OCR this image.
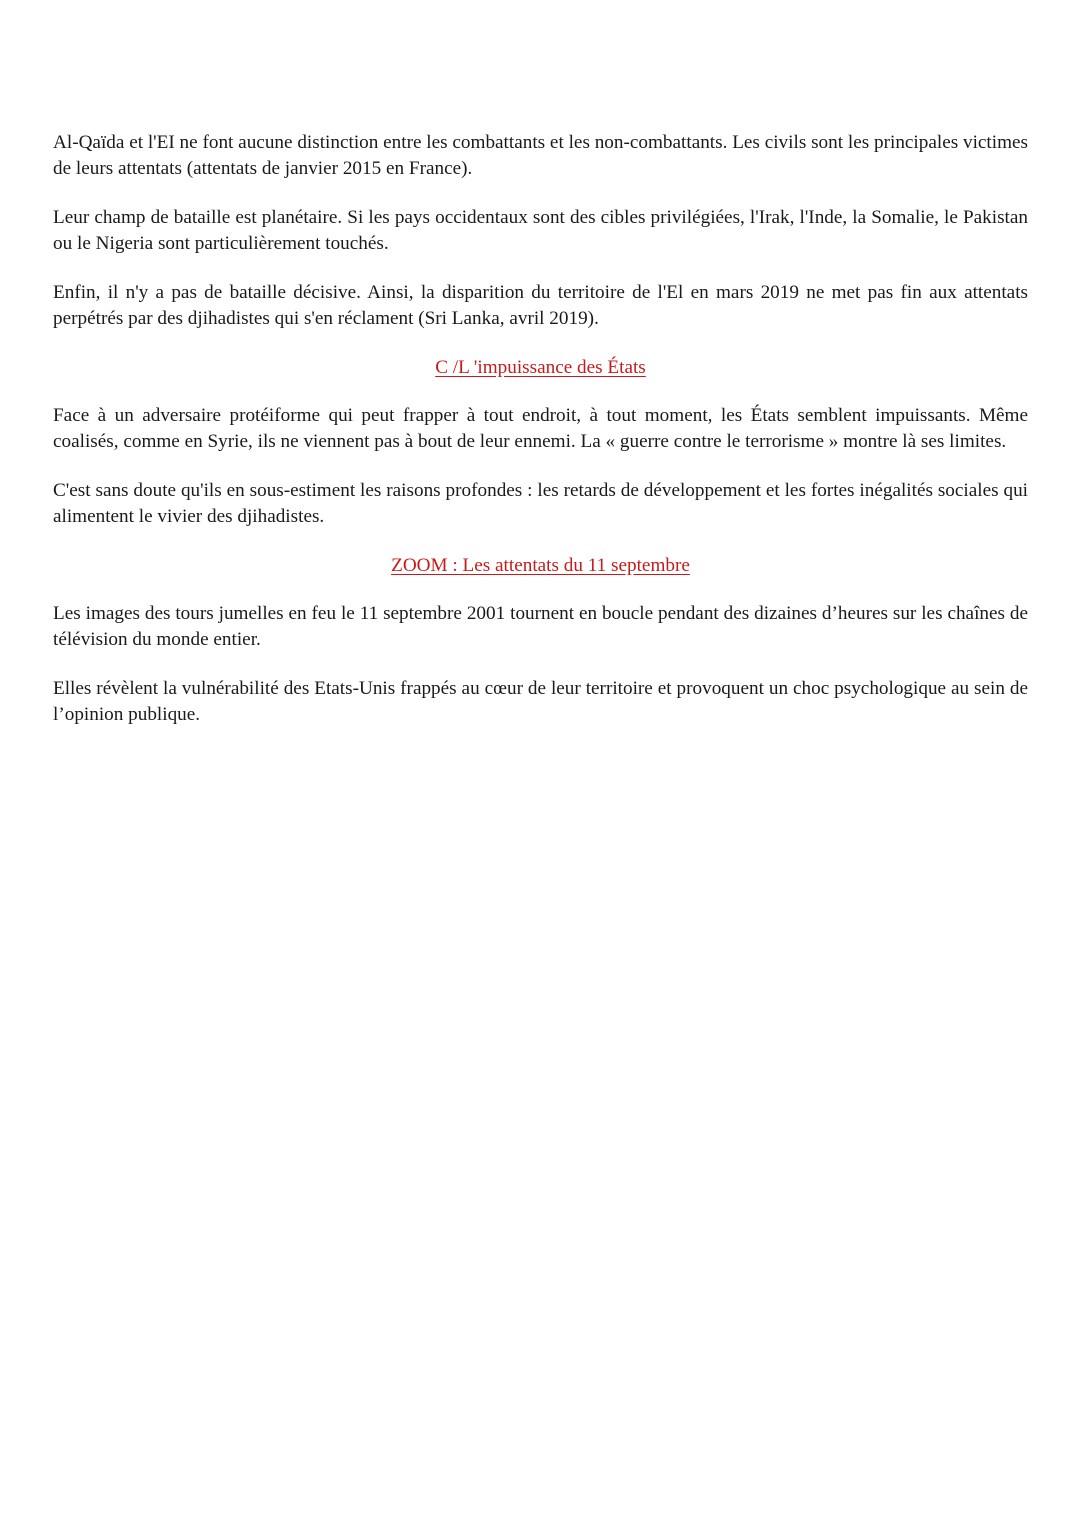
Al-Qaïda et l'EI ne font aucune distinction entre les combattants et les non-combattants. Les civils sont les principales victimes de leurs attentats (attentats de janvier 2015 en France).

Leur champ de bataille est planétaire. Si les pays occidentaux sont des cibles privilégiées, l'Irak, l'Inde, la Somalie, le Pakistan ou le Nigeria sont particulièrement touchés.

Enfin, il n'y a pas de bataille décisive. Ainsi, la disparition du territoire de l'El en mars 2019 ne met pas fin aux attentats perpétrés par des djihadistes qui s'en réclament (Sri Lanka, avril 2019).

C /L 'impuissance des États

Face à un adversaire protéiforme qui peut frapper à tout endroit, à tout moment, les États semblent impuissants. Même coalisés, comme en Syrie, ils ne viennent pas à bout de leur ennemi. La « guerre contre le terrorisme » montre là ses limites.

C'est sans doute qu'ils en sous-estiment les raisons profondes : les retards de développement et les fortes inégalités sociales qui alimentent le vivier des djihadistes.

ZOOM : Les attentats du 11 septembre

Les images des tours jumelles en feu le 11 septembre 2001 tournent en boucle pendant des dizaines d’heures sur les chaînes de télévision du monde entier.

Elles révèlent la vulnérabilité des Etats-Unis frappés au cœur de leur territoire et provoquent un choc psychologique au sein de l’opinion publique.
